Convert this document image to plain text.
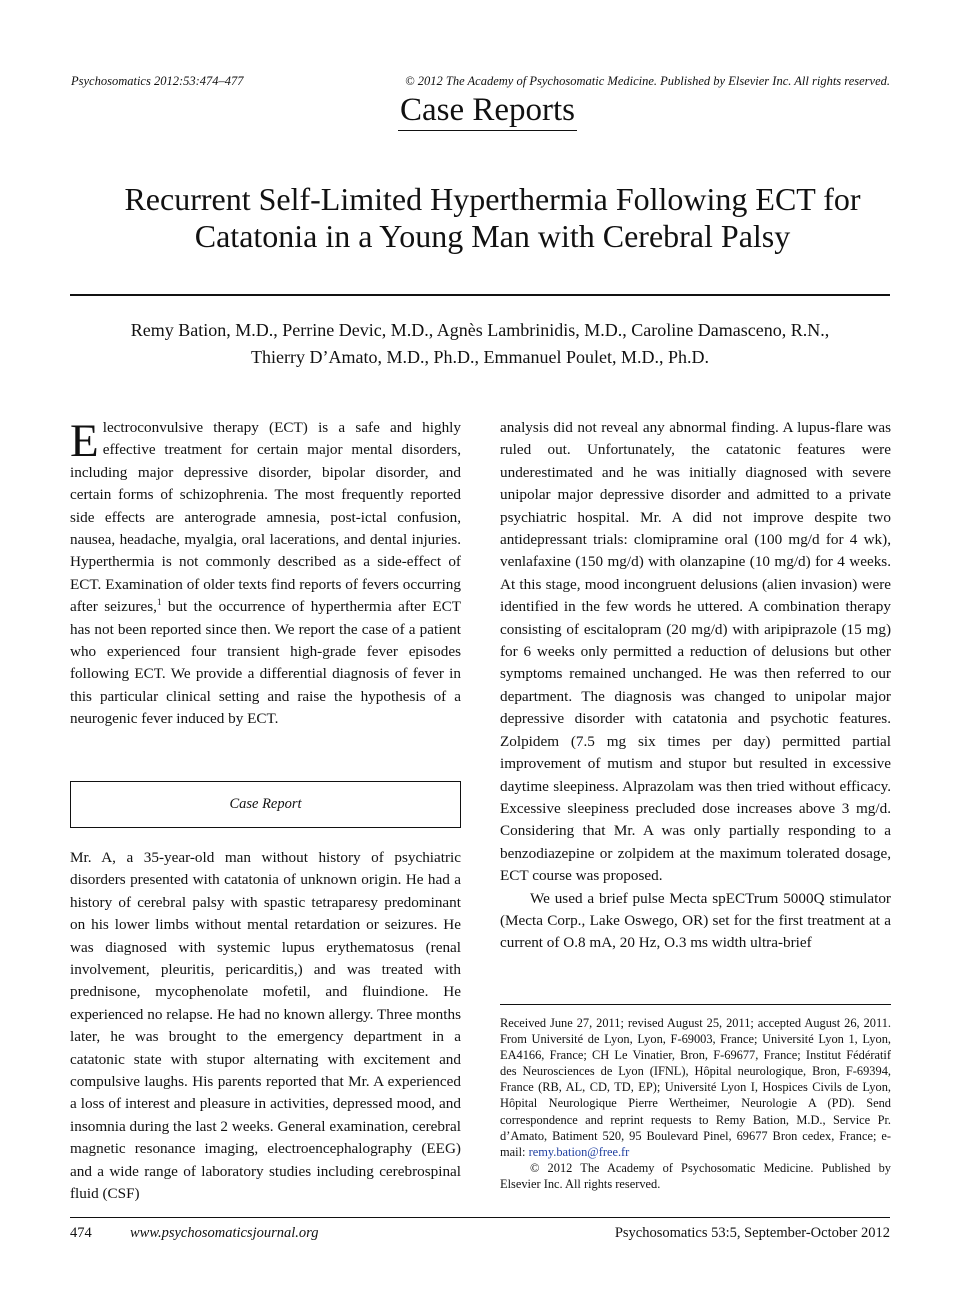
Psychosomatics 2012:53:474–477	© 2012 The Academy of Psychosomatic Medicine. Published by Elsevier Inc. All rights reserved.
Case Reports
Recurrent Self-Limited Hyperthermia Following ECT for
Catatonia in a Young Man with Cerebral Palsy
Remy Bation, M.D., Perrine Devic, M.D., Agnès Lambrinidis, M.D., Caroline Damasceno, R.N.,
Thierry D’Amato, M.D., Ph.D., Emmanuel Poulet, M.D., Ph.D.

Electroconvulsive therapy (ECT) is a safe and highly effective treatment for certain major mental disorders, including major depressive disorder, bipolar disorder, and certain forms of schizophrenia. The most frequently reported side effects are anterograde amnesia, post-ictal confusion, nausea, headache, myalgia, oral lacerations, and dental injuries. Hyperthermia is not commonly described as a side-effect of ECT. Examination of older texts find reports of fevers occurring after seizures,$^1$ but the occurrence of hyperthermia after ECT has not been reported since then. We report the case of a patient who experienced four transient high-grade fever episodes following ECT. We provide a differential diagnosis of fever in this particular clinical setting and raise the hypothesis of a neurogenic fever induced by ECT.

Case Report

Mr. A, a 35-year-old man without history of psychiatric disorders presented with catatonia of unknown origin. He had a history of cerebral palsy with spastic tetraparesy predominant on his lower limbs without mental retardation or seizures. He was diagnosed with systemic lupus erythematosus (renal involvement, pleuritis, pericarditis,) and was treated with prednisone, mycophenolate mofetil, and fluindione. He experienced no relapse. He had no known allergy. Three months later, he was brought to the emergency department in a catatonic state with stupor alternating with excitement and compulsive laughs. His parents reported that Mr. A experienced a loss of interest and pleasure in activities, depressed mood, and insomnia during the last 2 weeks. General examination, cerebral magnetic resonance imaging, electroencephalography (EEG) and a wide range of laboratory studies including cerebrospinal fluid (CSF)

analysis did not reveal any abnormal finding. A lupus-flare was ruled out. Unfortunately, the catatonic features were underestimated and he was initially diagnosed with severe unipolar major depressive disorder and admitted to a private psychiatric hospital. Mr. A did not improve despite two antidepressant trials: clomipramine oral (100 mg/d for 4 wk), venlafaxine (150 mg/d) with olanzapine (10 mg/d) for 4 weeks. At this stage, mood incongruent delusions (alien invasion) were identified in the few words he uttered. A combination therapy consisting of escitalopram (20 mg/d) with aripiprazole (15 mg) for 6 weeks only permitted a reduction of delusions but other symptoms remained unchanged. He was then referred to our department. The diagnosis was changed to unipolar major depressive disorder with catatonia and psychotic features. Zolpidem (7.5 mg six times per day) permitted partial improvement of mutism and stupor but resulted in excessive daytime sleepiness. Alprazolam was then tried without efficacy. Excessive sleepiness precluded dose increases above 3 mg/d. Considering that Mr. A was only partially responding to a benzodiazepine or zolpidem at the maximum tolerated dosage, ECT course was proposed.

We used a brief pulse Mecta spECTrum 5000Q stimulator (Mecta Corp., Lake Oswego, OR) set for the first treatment at a current of O.8 mA, 20 Hz, O.3 ms width ultra-brief

Received June 27, 2011; revised August 25, 2011; accepted August 26, 2011. From Université de Lyon, Lyon, F-69003, France; Université Lyon 1, Lyon, EA4166, France; CH Le Vinatier, Bron, F-69677, France; Institut Fédératif des Neurosciences de Lyon (IFNL), Hôpital neurologique, Bron, F-69394, France (RB, AL, CD, TD, EP); Université Lyon I, Hospices Civils de Lyon, Hôpital Neurologique Pierre Wertheimer, Neurologie A (PD). Send correspondence and reprint requests to Remy Bation, M.D., Service Pr. d’Amato, Batiment 520, 95 Boulevard Pinel, 69677 Bron cedex, France; e-mail: remy.bation@free.fr

© 2012 The Academy of Psychosomatic Medicine. Published by Elsevier Inc. All rights reserved.

474	www.psychosomaticsjournal.org	Psychosomatics 53:5, September-October 2012
